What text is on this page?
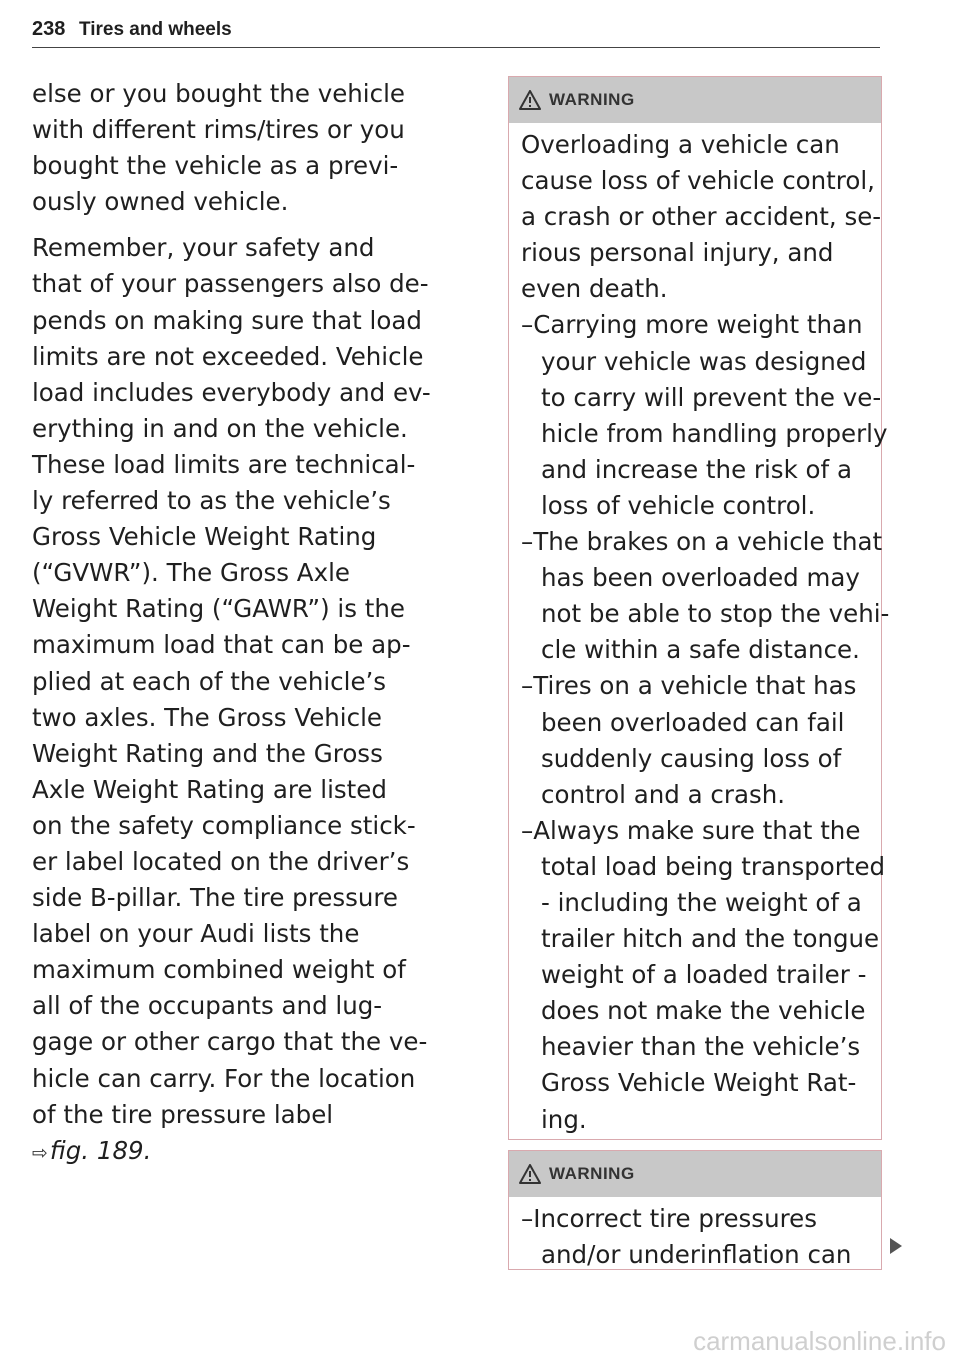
238 Tires and wheels
else or you bought the vehicle
with different rims/tires or you
bought the vehicle as a previ-
ously owned vehicle.
Remember, your safety and
that of your passengers also de-
pends on making sure that load
limits are not exceeded. Vehicle
load includes everybody and ev-
erything in and on the vehicle.
These load limits are technical-
ly referred to as the vehicle’s
Gross Vehicle Weight Rating
(“GVWR”). The Gross Axle
Weight Rating (“GAWR”) is the
maximum load that can be ap-
plied at each of the vehicle’s
two axles. The Gross Vehicle
Weight Rating and the Gross
Axle Weight Rating are listed
on the safety compliance stick-
er label located on the driver’s
side B-pillar. The tire pressure
label on your Audi lists the
maximum combined weight of
all of the occupants and lug-
gage or other cargo that the ve-
hicle can carry. For the location
of the tire pressure label
⇨fig. 189.
WARNING
Overloading a vehicle can
cause loss of vehicle control,
a crash or other accident, se-
rious personal injury, and
even death.
–Carrying more weight than
your vehicle was designed
to carry will prevent the ve-
hicle from handling properly
and increase the risk of a
loss of vehicle control.
–The brakes on a vehicle that
has been overloaded may
not be able to stop the vehi-
cle within a safe distance.
–Tires on a vehicle that has
been overloaded can fail
suddenly causing loss of
control and a crash.
–Always make sure that the
total load being transported
- including the weight of a
trailer hitch and the tongue
weight of a loaded trailer -
does not make the vehicle
heavier than the vehicle’s
Gross Vehicle Weight Rat-
ing.
WARNING
–Incorrect tire pressures
and/or underinflation can
carmanualsonline.info
